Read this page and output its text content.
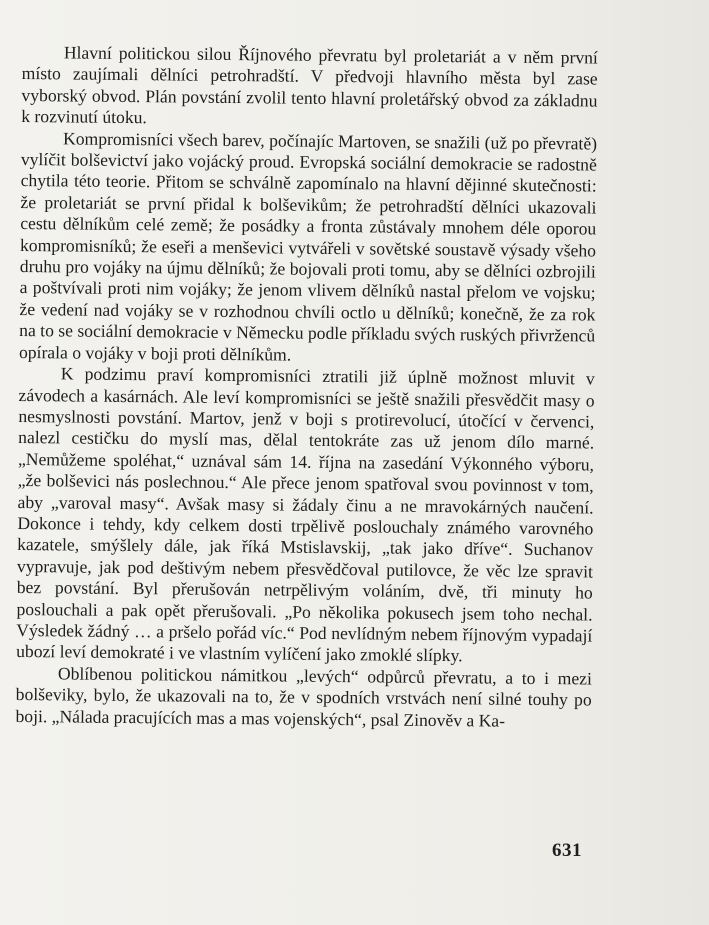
Hlavní politickou silou Říjnového převratu byl proletariát a v něm první místo zaujímali dělníci petrohradští. V předvoji hlavního města byl zase vyborský obvod. Plán povstání zvolil tento hlavní proletářský obvod za základnu k rozvinutí útoku.

Kompromisníci všech barev, počínajíc Martoven, se snažili (už po převratě) vylíčit bolševictví jako vojácký proud. Evropská sociální demokracie se radostně chytila této teorie. Přitom se schválně zapomínalo na hlavní dějinné skutečnosti: že proletariát se první přidal k bolševikům; že petrohradští dělníci ukazovali cestu dělníkům celé země; že posádky a fronta zůstávaly mnohem déle oporou kompromisníků; že eseři a menševici vytvářeli v sovětské soustavě výsady všeho druhu pro vojáky na újmu dělníků; že bojovali proti tomu, aby se dělníci ozbrojili a poštvívali proti nim vojáky; že jenom vlivem dělníků nastal přelom ve vojsku; že vedení nad vojáky se v rozhodnou chvíli octlo u dělníků; konečně, že za rok na to se sociální demokracie v Německu podle příkladu svých ruských přivrženců opírala o vojáky v boji proti dělníkům.

K podzimu praví kompromisníci ztratili již úplně možnost mluvit v závodech a kasárnách. Ale leví kompromisníci se ještě snažili přesvědčit masy o nesmyslnosti povstání. Martov, jenž v boji s protirevolucí, útočící v červenci, nalezl cestičku do myslí mas, dělal tentokráte zas už jenom dílo marné. „Nemůžeme spoléhat,“ uznával sám 14. října na zasedání Výkonného výboru, „že bolševici nás poslechnou.“ Ale přece jenom spatřoval svou povinnost v tom, aby „varoval masy“. Avšak masy si žádaly činu a ne mravokárných naučení. Dokonce i tehdy, kdy celkem dosti trpělivě poslouchaly známého varovného kazatele, smýšlely dále, jak říká Mstislavskij, „tak jako dříve“. Suchanov vypravuje, jak pod deštivým nebem přesvědčoval putilovce, že věc lze spravit bez povstání. Byl přerušován netrpělivým voláním, dvě, tři minuty ho poslouchali a pak opět přerušovali. „Po několika pokusech jsem toho nechal. Výsledek žádný … a pršelo pořád víc.“ Pod nevlídným nebem říjnovým vypadají ubozí leví demokraté i ve vlastním vylíčení jako zmoklé slípky.

Oblíbenou politickou námitkou „levých“ odpůrců převratu, a to i mezi bolševiky, bylo, že ukazovali na to, že v spodních vrstvách není silné touhy po boji. „Nálada pracujících mas a mas vojenských“, psal Zinověv a Ka-

631
